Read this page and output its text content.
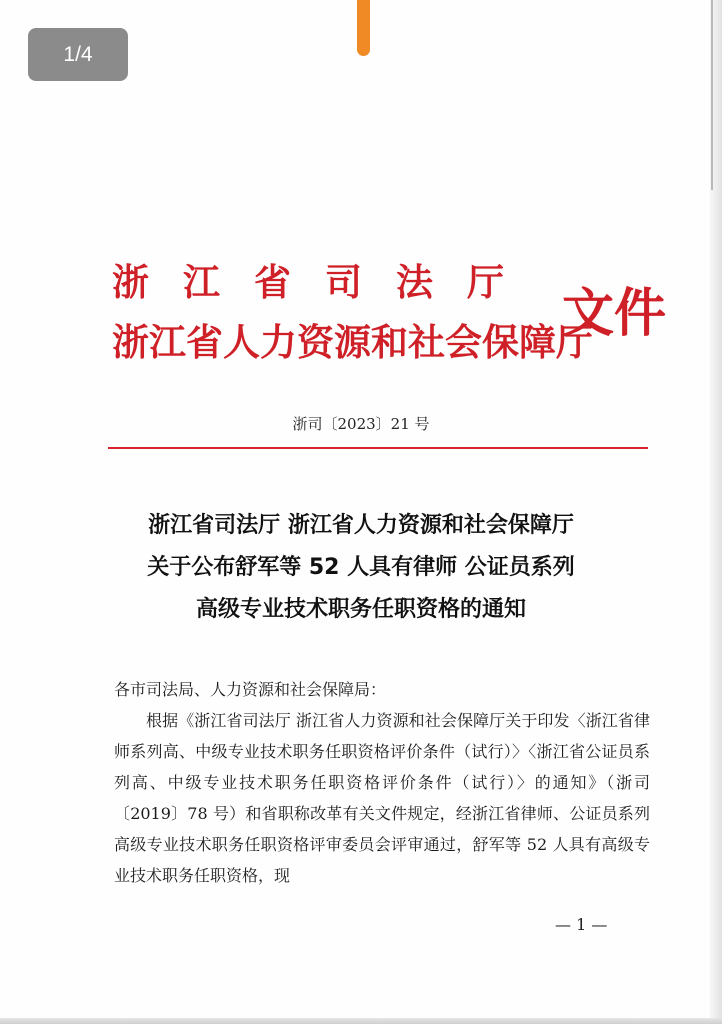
1/4
浙江省司法厅
浙江省人力资源和社会保障厅
文件
浙司〔2023〕21 号
浙江省司法厅 浙江省人力资源和社会保障厅
关于公布舒军等 52 人具有律师 公证员系列
高级专业技术职务任职资格的通知
各市司法局、人力资源和社会保障局：
根据《浙江省司法厅 浙江省人力资源和社会保障厅关于印发〈浙江省律师系列高、中级专业技术职务任职资格评价条件（试行）〉〈浙江省公证员系列高、中级专业技术职务任职资格评价条件（试行）〉的通知》（浙司〔2019〕78 号）和省职称改革有关文件规定，经浙江省律师、公证员系列高级专业技术职务任职资格评审委员会评审通过，舒军等 52 人具有高级专业技术职务任职资格，现
— 1 —
